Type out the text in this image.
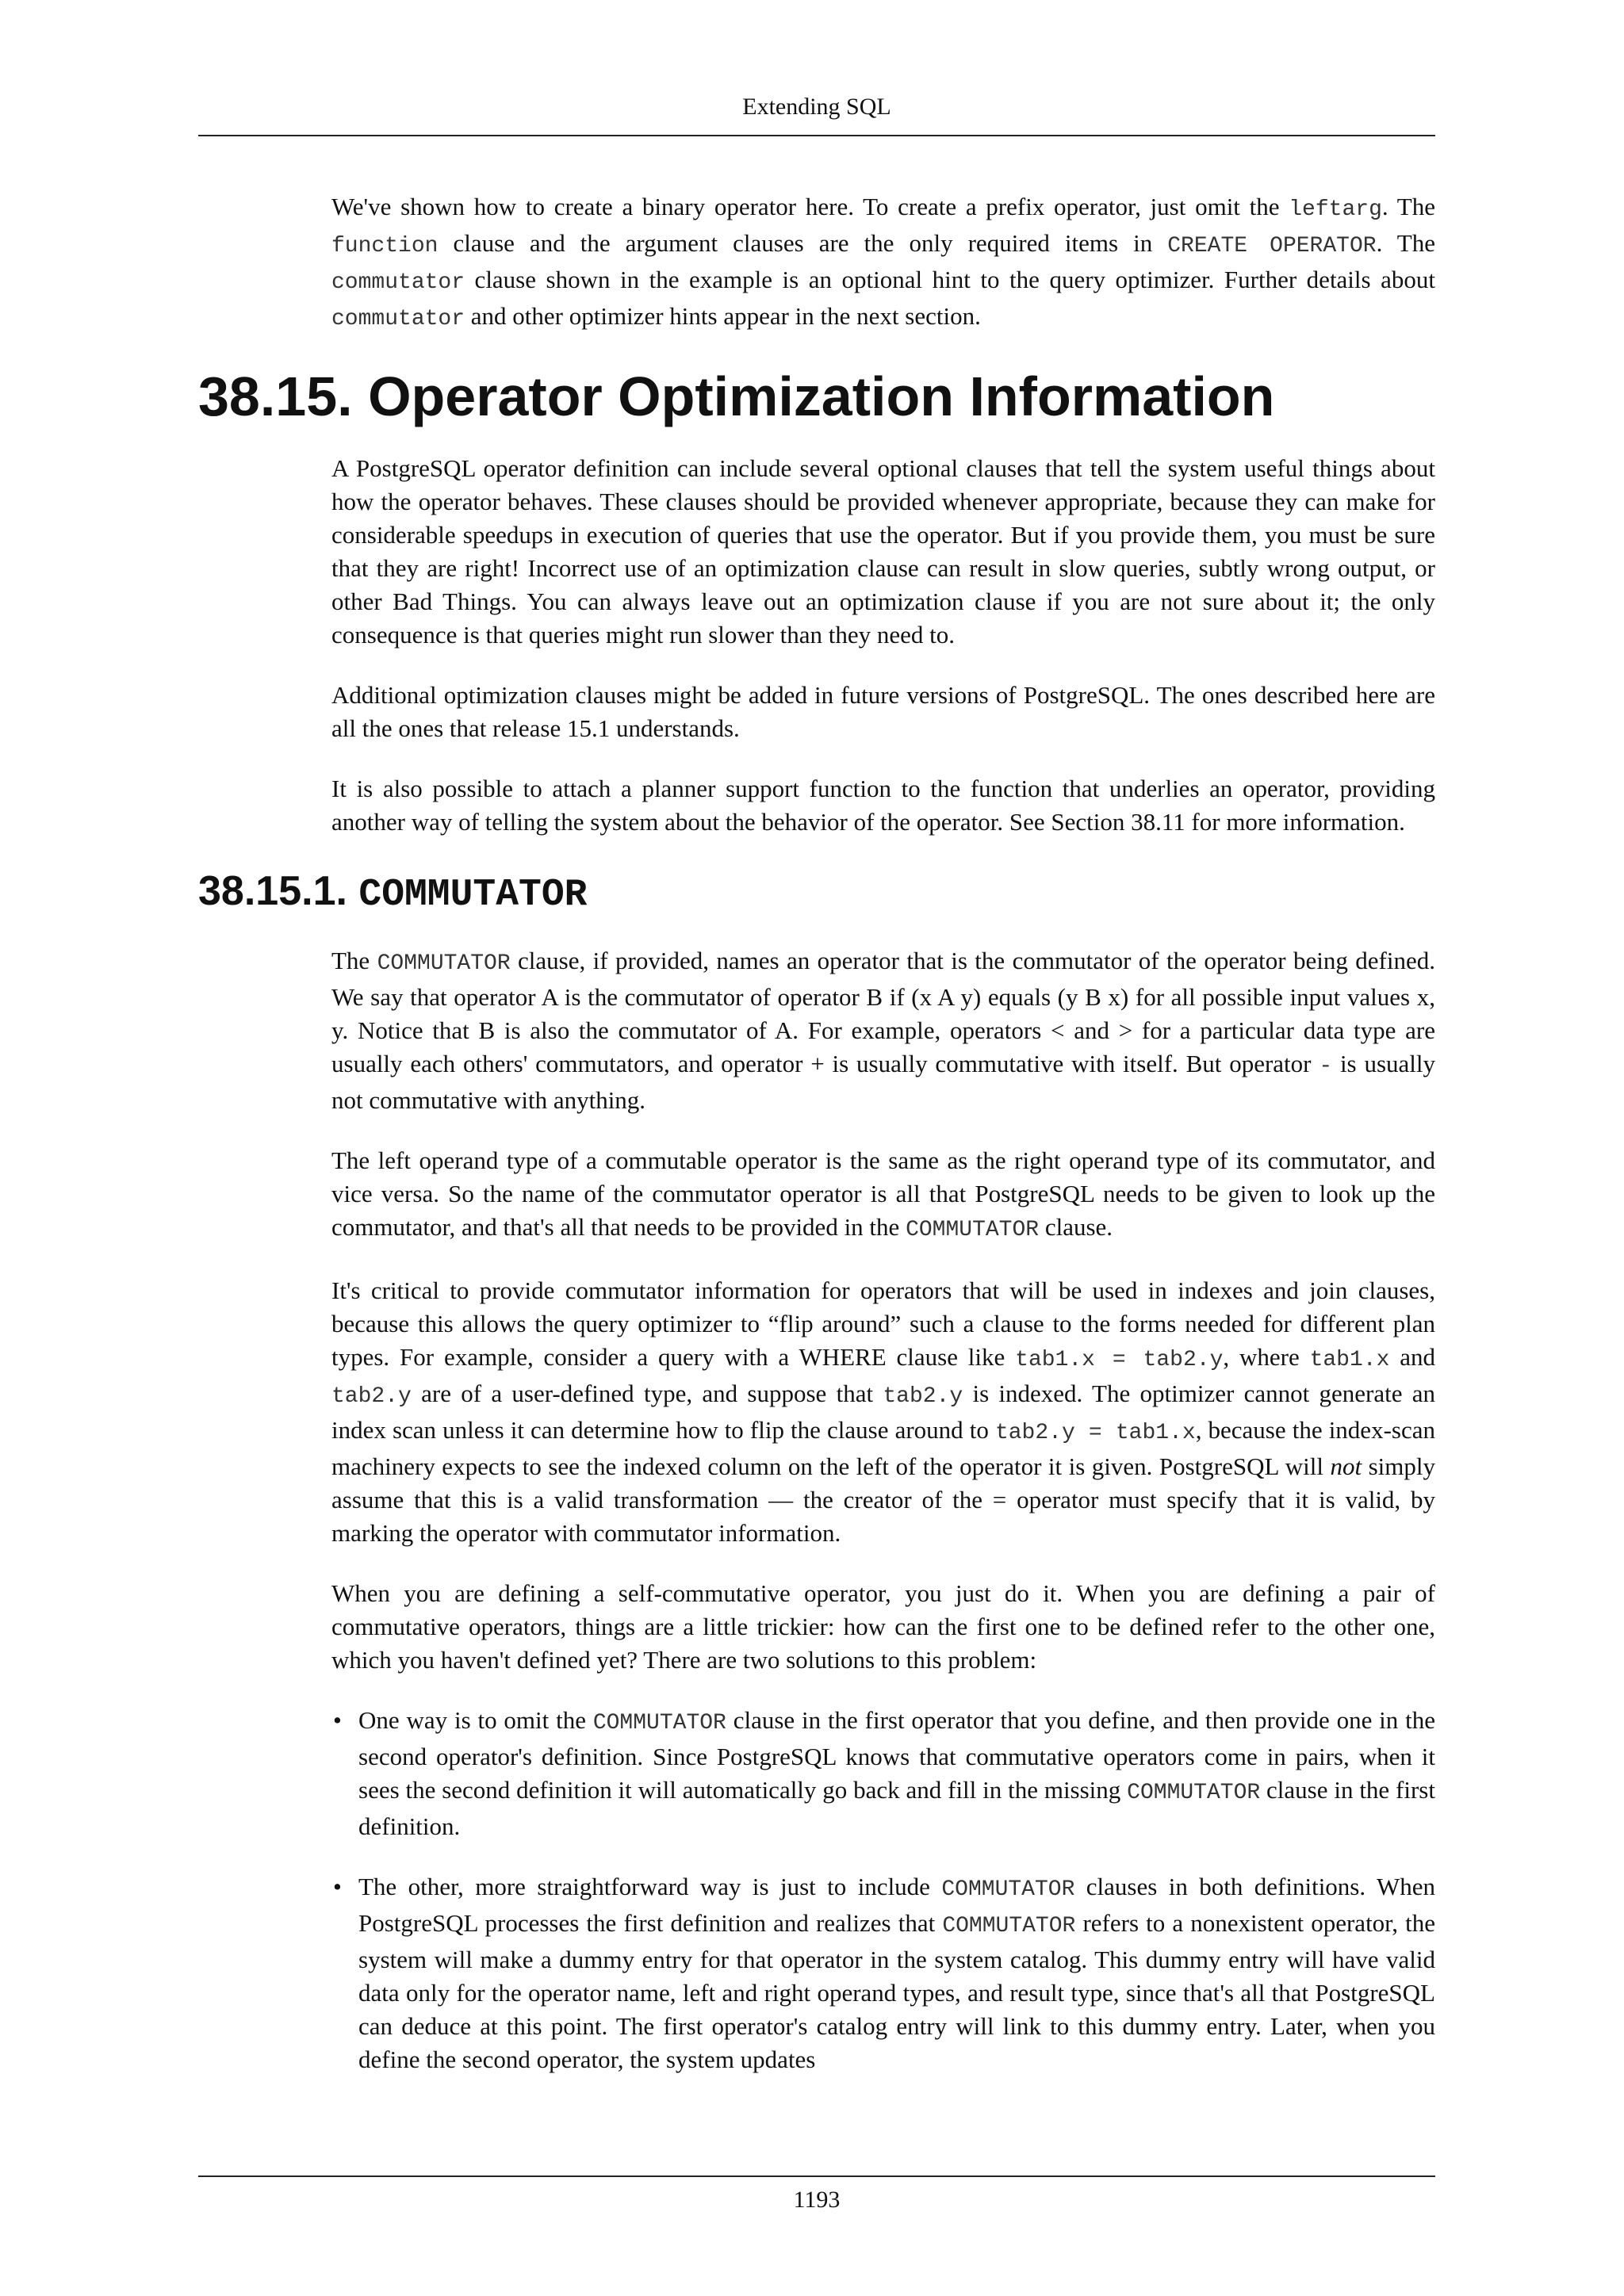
Extending SQL

We've shown how to create a binary operator here. To create a prefix operator, just omit the leftarg. The function clause and the argument clauses are the only required items in CREATE OPERATOR. The commutator clause shown in the example is an optional hint to the query optimizer. Further details about commutator and other optimizer hints appear in the next section.

38.15. Operator Optimization Information

A PostgreSQL operator definition can include several optional clauses that tell the system useful things about how the operator behaves. These clauses should be provided whenever appropriate, because they can make for considerable speedups in execution of queries that use the operator. But if you provide them, you must be sure that they are right! Incorrect use of an optimization clause can result in slow queries, subtly wrong output, or other Bad Things. You can always leave out an optimization clause if you are not sure about it; the only consequence is that queries might run slower than they need to.

Additional optimization clauses might be added in future versions of PostgreSQL. The ones described here are all the ones that release 15.1 understands.

It is also possible to attach a planner support function to the function that underlies an operator, providing another way of telling the system about the behavior of the operator. See Section 38.11 for more information.

38.15.1. COMMUTATOR

The COMMUTATOR clause, if provided, names an operator that is the commutator of the operator being defined. We say that operator A is the commutator of operator B if (x A y) equals (y B x) for all possible input values x, y. Notice that B is also the commutator of A. For example, operators < and > for a particular data type are usually each others' commutators, and operator + is usually commutative with itself. But operator - is usually not commutative with anything.

The left operand type of a commutable operator is the same as the right operand type of its commutator, and vice versa. So the name of the commutator operator is all that PostgreSQL needs to be given to look up the commutator, and that's all that needs to be provided in the COMMUTATOR clause.

It's critical to provide commutator information for operators that will be used in indexes and join clauses, because this allows the query optimizer to “flip around” such a clause to the forms needed for different plan types. For example, consider a query with a WHERE clause like tab1.x = tab2.y, where tab1.x and tab2.y are of a user-defined type, and suppose that tab2.y is indexed. The optimizer cannot generate an index scan unless it can determine how to flip the clause around to tab2.y = tab1.x, because the index-scan machinery expects to see the indexed column on the left of the operator it is given. PostgreSQL will not simply assume that this is a valid transformation — the creator of the = operator must specify that it is valid, by marking the operator with commutator information.

When you are defining a self-commutative operator, you just do it. When you are defining a pair of commutative operators, things are a little trickier: how can the first one to be defined refer to the other one, which you haven't defined yet? There are two solutions to this problem:

• One way is to omit the COMMUTATOR clause in the first operator that you define, and then provide one in the second operator's definition. Since PostgreSQL knows that commutative operators come in pairs, when it sees the second definition it will automatically go back and fill in the missing COMMUTATOR clause in the first definition.
• The other, more straightforward way is just to include COMMUTATOR clauses in both definitions. When PostgreSQL processes the first definition and realizes that COMMUTATOR refers to a nonexistent operator, the system will make a dummy entry for that operator in the system catalog. This dummy entry will have valid data only for the operator name, left and right operand types, and result type, since that's all that PostgreSQL can deduce at this point. The first operator's catalog entry will link to this dummy entry. Later, when you define the second operator, the system updates
1193
